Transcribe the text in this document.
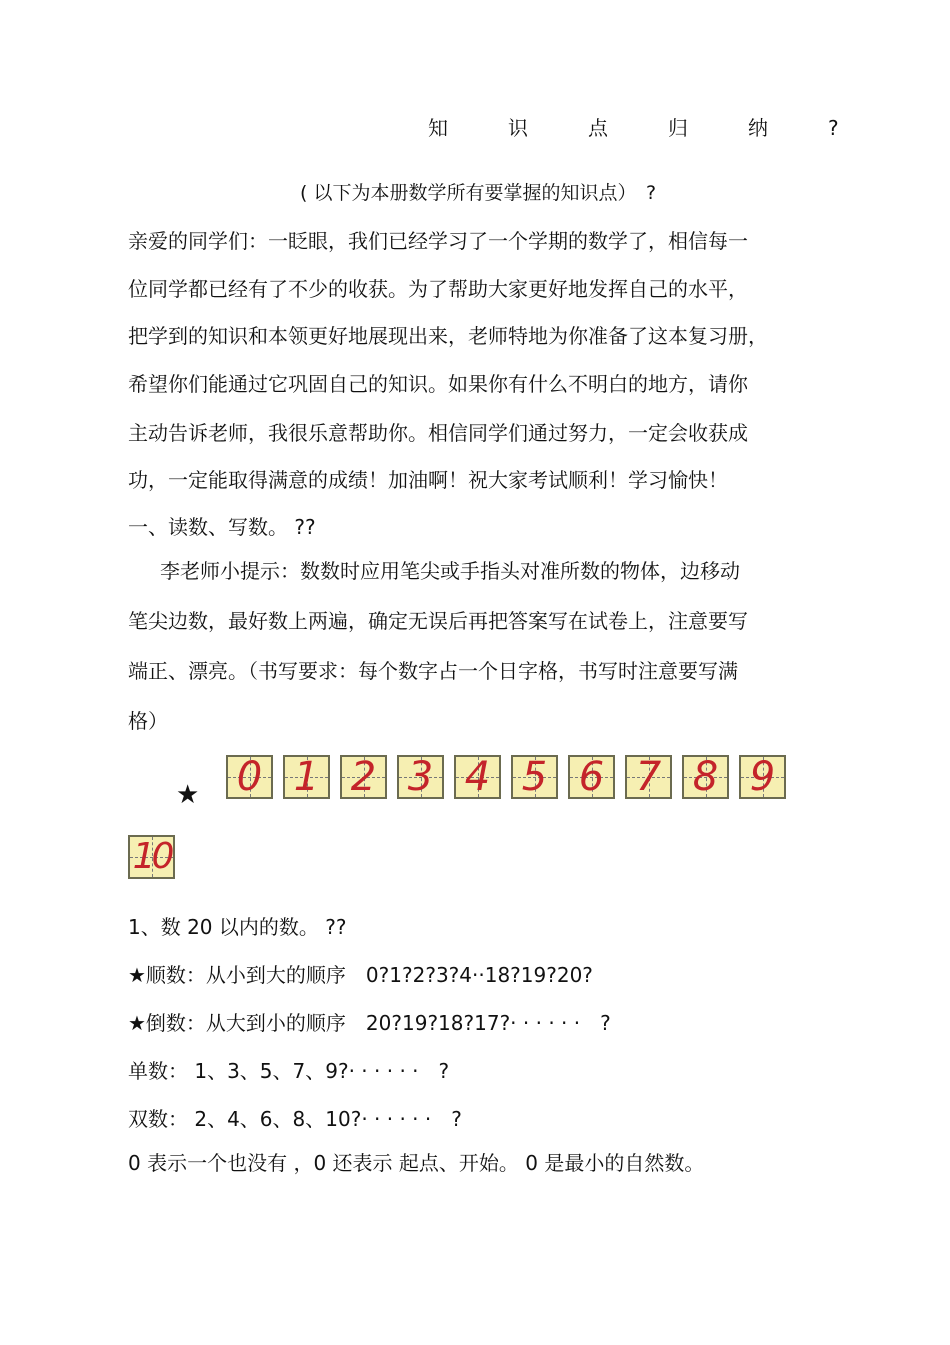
知	识	点	归	纳	?
( 以下为本册数学所有要掌握的知识点）　?
亲爱的同学们：一眨眼，我们已经学习了一个学期的数学了，相信每一
位同学都已经有了不少的收获。为了帮助大家更好地发挥自己的水平，
把学到的知识和本领更好地展现出来，老师特地为你准备了这本复习册，
希望你们能通过它巩固自己的知识。如果你有什么不明白的地方，请你
主动告诉老师，我很乐意帮助你。相信同学们通过努力，一定会收获成
功，一定能取得满意的成绩！加油啊！祝大家考试顺利！学习愉快！
一、读数、写数。 ??
李老师小提示：数数时应用笔尖或手指头对准所数的物体，边移动
笔尖边数，最好数上两遍，确定无误后再把答案写在试卷上，注意要写
端正、漂亮。（书写要求：每个数字占一个日字格，书写时注意要写满
格）
★ 0 1 2 3 4 5 6 7 8 9
10
1、数 20 以内的数。 ??
★顺数：从小到大的顺序　0?1?2?3?4··18?19?20?
★倒数：从大到小的顺序　20?19?18?17?· · · · · ·　?
单数： 1、3、5、7、9?· · · · · ·　?
双数： 2、4、6、8、10?· · · · · ·　?
0 表示一个也没有 ，0 还表示 起点、开始。 0 是最小的自然数。
